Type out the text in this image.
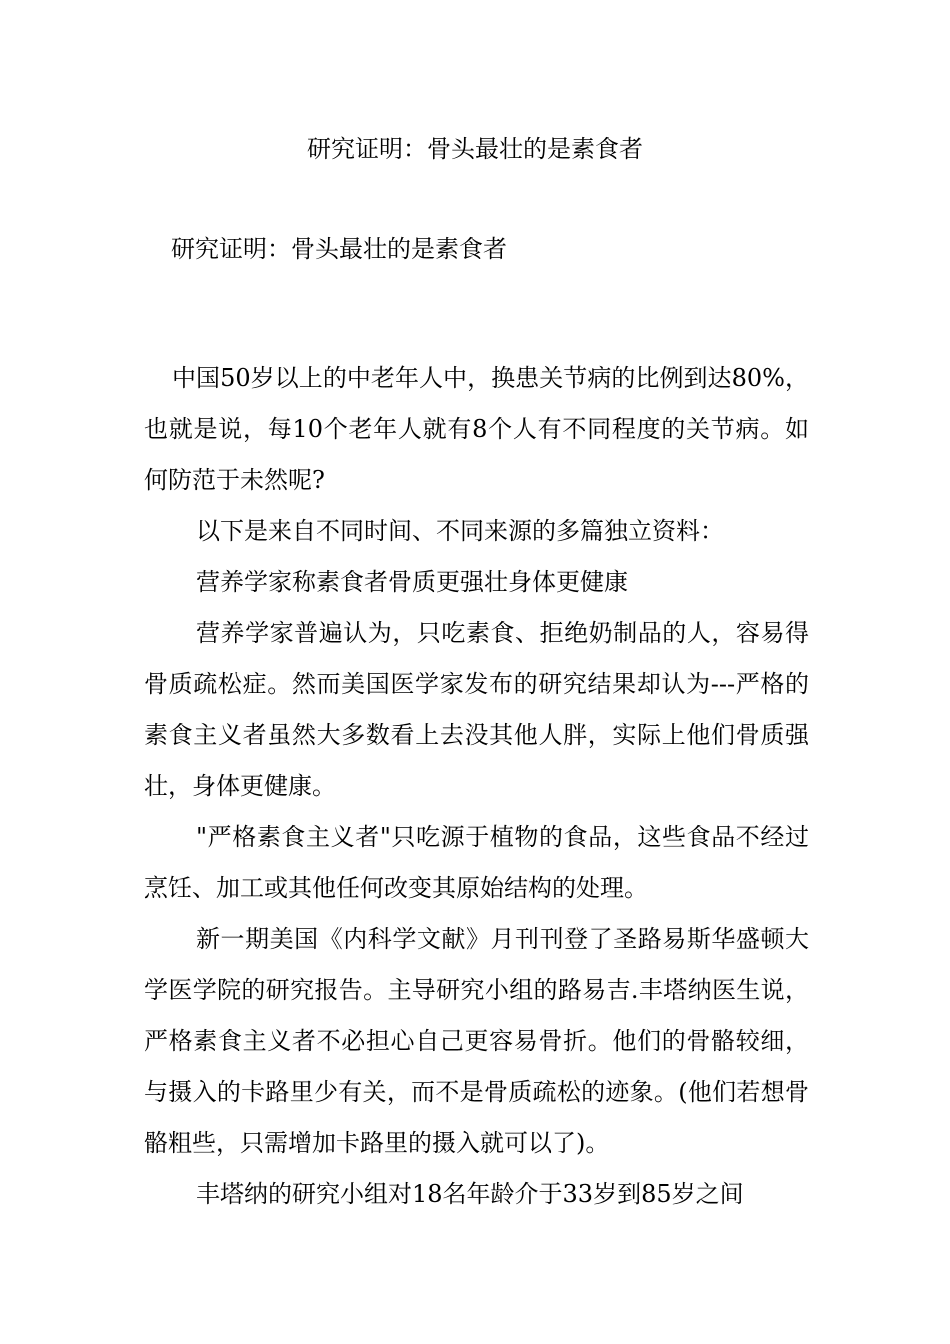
研究证明：骨头最壮的是素食者
研究证明：骨头最壮的是素食者

中国50岁以上的中老年人中，换患关节病的比例到达80%，也就是说，每10个老年人就有8个人有不同程度的关节病。如何防范于未然呢?

以下是来自不同时间、不同来源的多篇独立资料：

营养学家称素食者骨质更强壮身体更健康

营养学家普遍认为，只吃素食、拒绝奶制品的人，容易得骨质疏松症。然而美国医学家发布的研究结果却认为---严格的素食主义者虽然大多数看上去没其他人胖，实际上他们骨质强壮，身体更健康。

"严格素食主义者"只吃源于植物的食品，这些食品不经过烹饪、加工或其他任何改变其原始结构的处理。

新一期美国《内科学文献》月刊刊登了圣路易斯华盛顿大学医学院的研究报告。主导研究小组的路易吉.丰塔纳医生说，严格素食主义者不必担心自己更容易骨折。他们的骨骼较细，与摄入的卡路里少有关，而不是骨质疏松的迹象。(他们若想骨骼粗些，只需增加卡路里的摄入就可以了)。

丰塔纳的研究小组对18名年龄介于33岁到85岁之间
